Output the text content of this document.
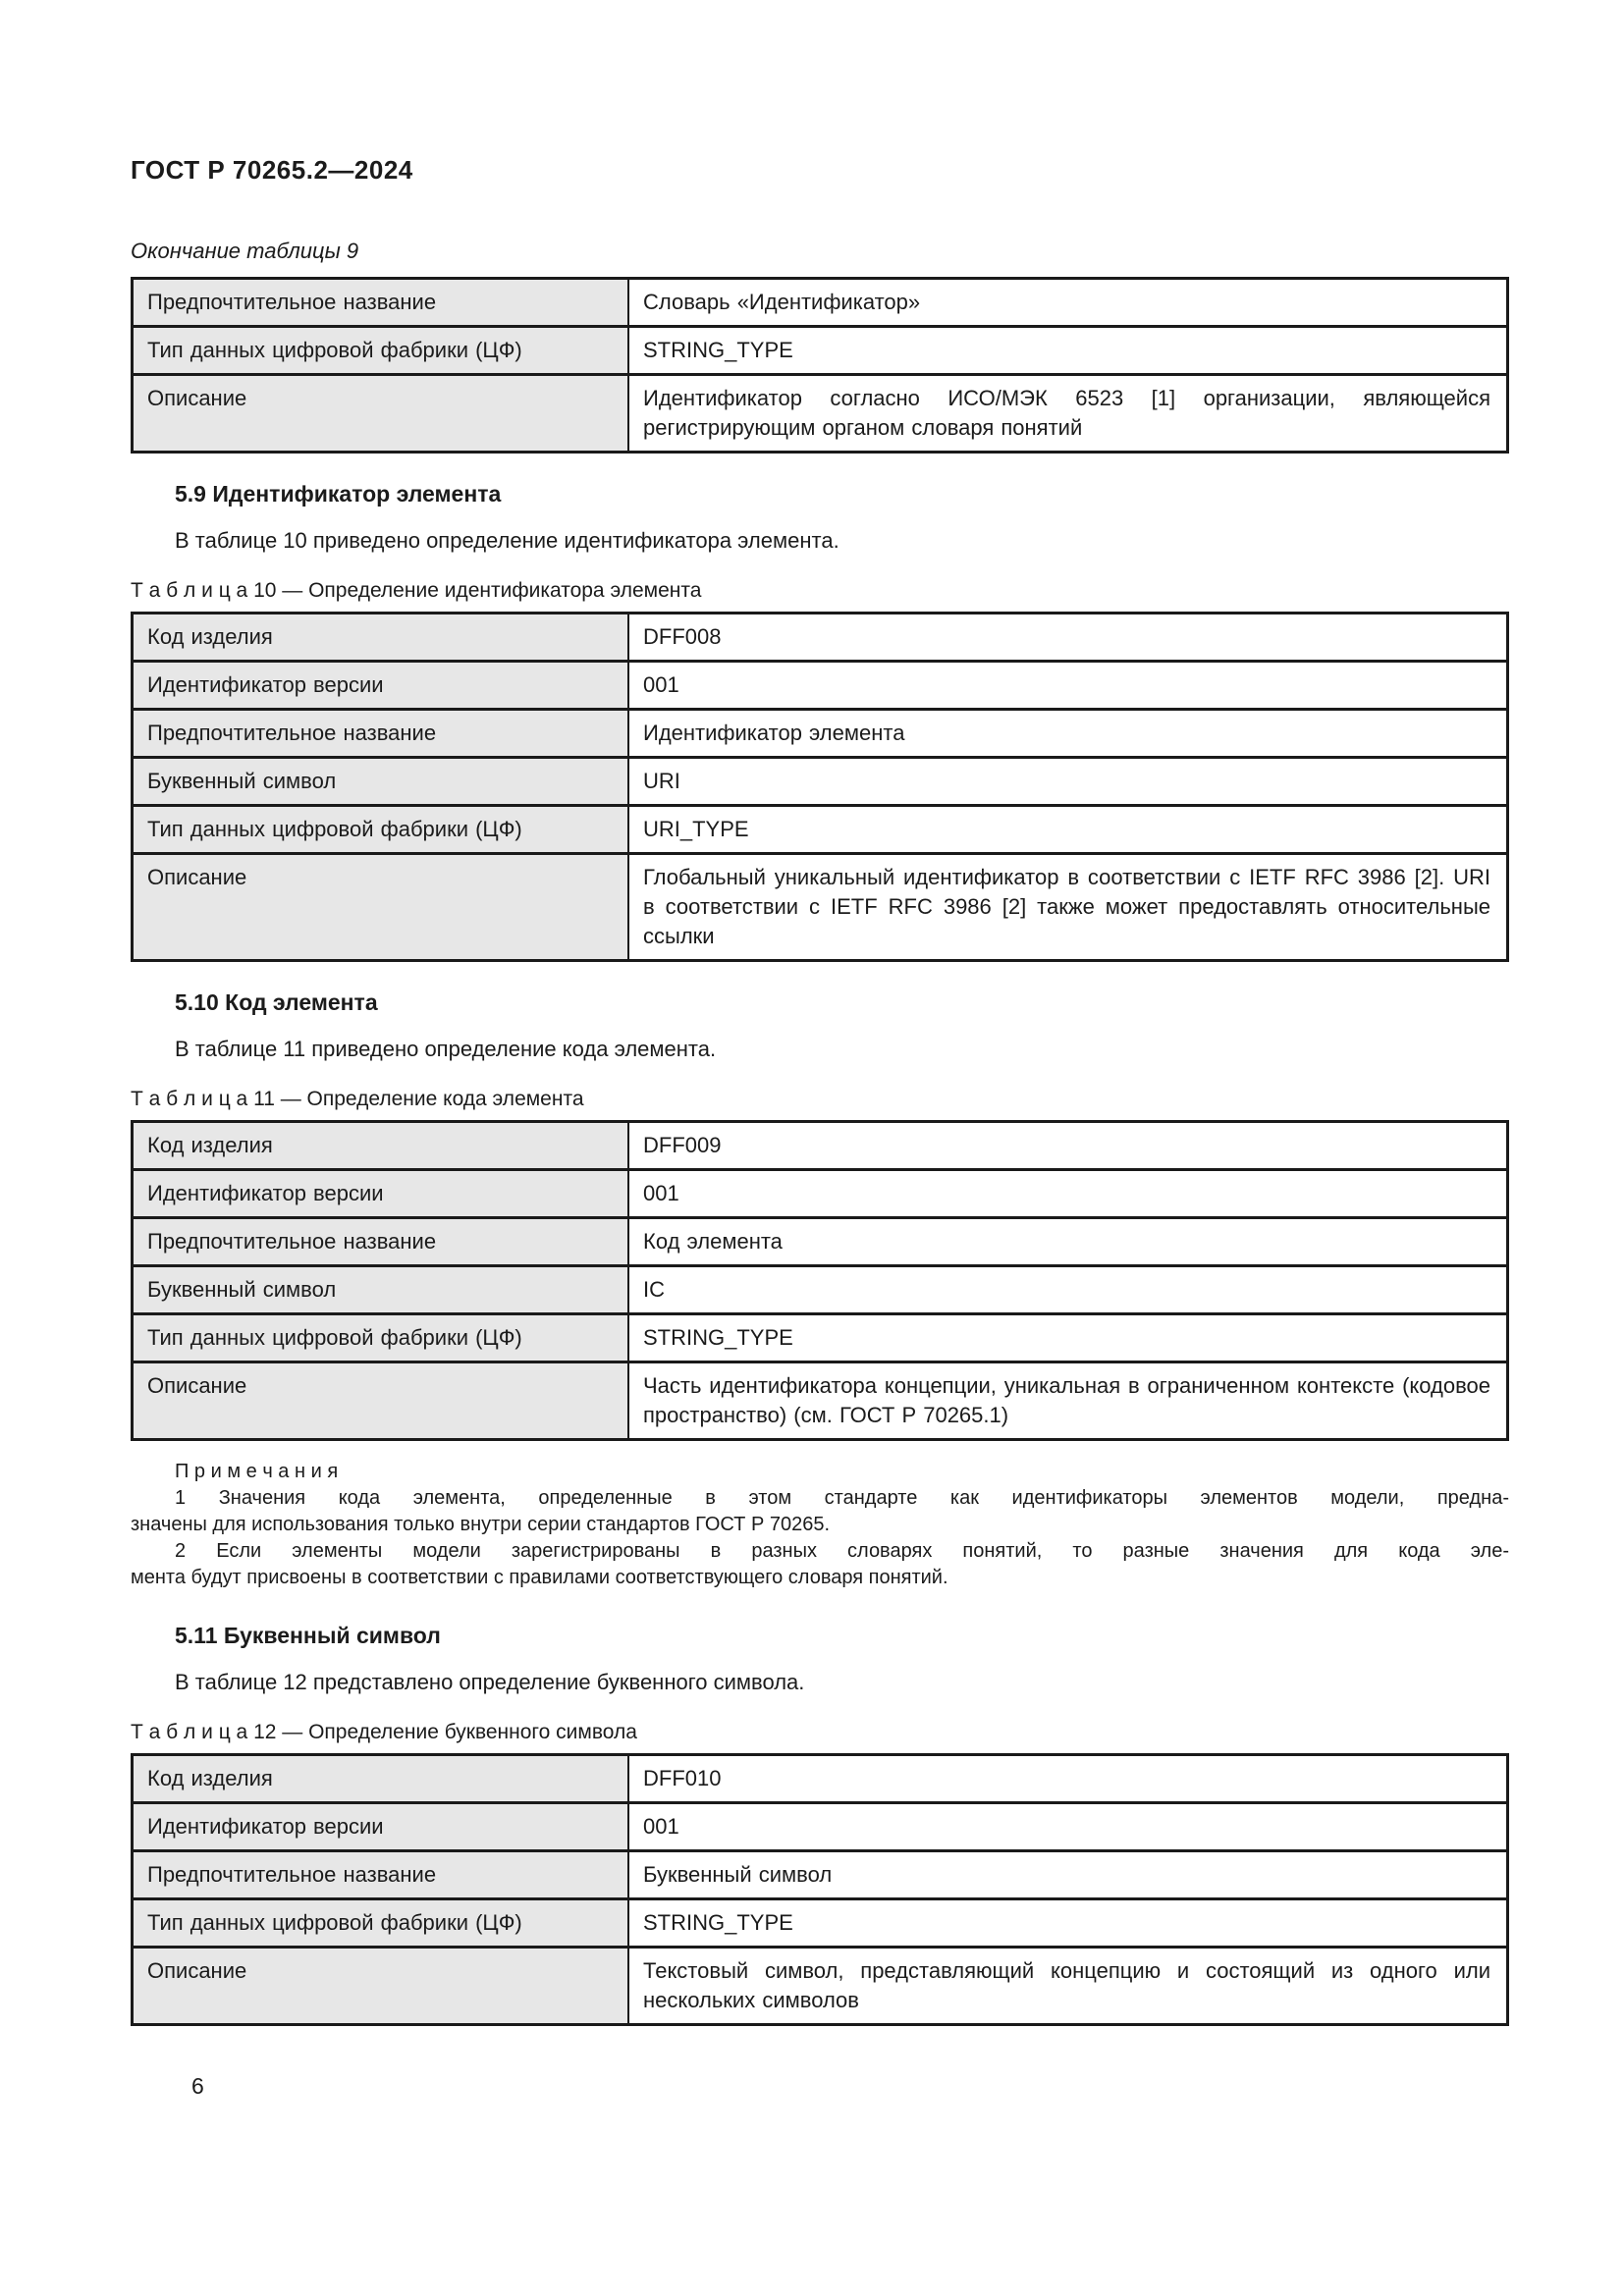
ГОСТ Р 70265.2—2024
Окончание таблицы 9
Предпочтительное название	Словарь «Идентификатор»
Тип данных цифровой фабрики (ЦФ)	STRING_TYPE
Описание	Идентификатор согласно ИСО/МЭК 6523 [1] организации, являющейся регистрирующим органом словаря понятий
5.9 Идентификатор элемента
В таблице 10 приведено определение идентификатора элемента.
Т а б л и ц а 10 — Определение идентификатора элемента
Код изделия	DFF008
Идентификатор версии	001
Предпочтительное название	Идентификатор элемента
Буквенный символ	URI
Тип данных цифровой фабрики (ЦФ)	URI_TYPE
Описание	Глобальный уникальный идентификатор в соответствии с IETF RFC 3986 [2]. URI в соответствии с IETF RFC 3986 [2] также может предоставлять относительные ссылки
5.10 Код элемента
В таблице 11 приведено определение кода элемента.
Т а б л и ц а 11 — Определение кода элемента
Код изделия	DFF009
Идентификатор версии	001
Предпочтительное название	Код элемента
Буквенный символ	IC
Тип данных цифровой фабрики (ЦФ)	STRING_TYPE
Описание	Часть идентификатора концепции, уникальная в ограниченном контексте (кодовое пространство) (см. ГОСТ Р 70265.1)
П р и м е ч а н и я
1 Значения кода элемента, определенные в этом стандарте как идентификаторы элементов модели, предна-
значены для использования только внутри серии стандартов ГОСТ Р 70265.
2 Если элементы модели зарегистрированы в разных словарях понятий, то разные значения для кода эле-
мента будут присвоены в соответствии с правилами соответствующего словаря понятий.
5.11 Буквенный символ
В таблице 12 представлено определение буквенного символа.
Т а б л и ц а 12 — Определение буквенного символа
Код изделия	DFF010
Идентификатор версии	001
Предпочтительное название	Буквенный символ
Тип данных цифровой фабрики (ЦФ)	STRING_TYPE
Описание	Текстовый символ, представляющий концепцию и состоящий из одного или нескольких символов
6
